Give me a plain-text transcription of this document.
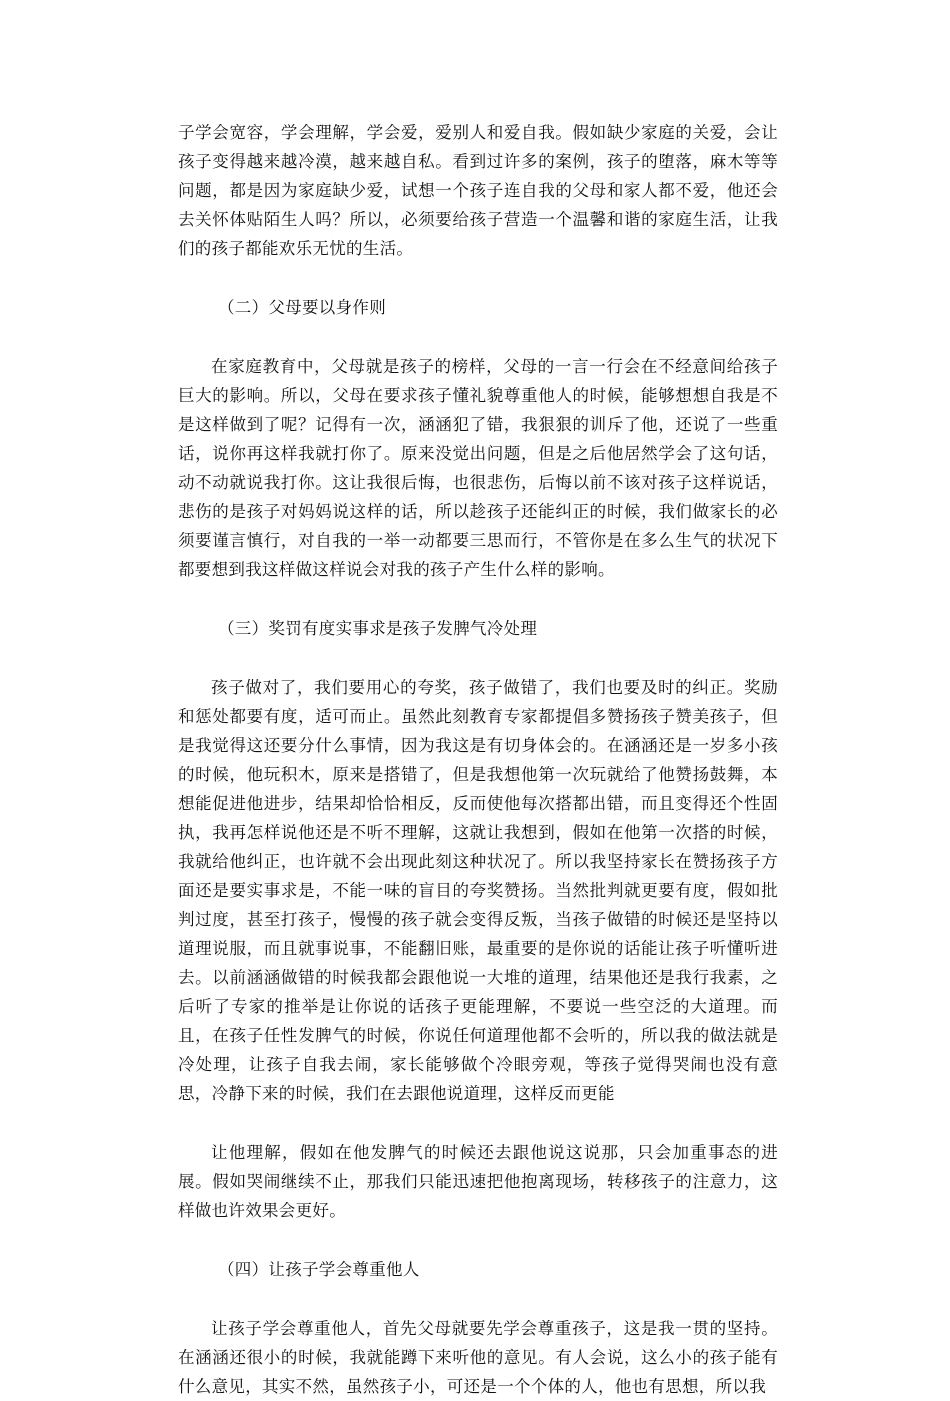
子学会宽容，学会理解，学会爱，爱别人和爱自我。假如缺少家庭的关爱，会让孩子变得越来越冷漠，越来越自私。看到过许多的案例，孩子的堕落，麻木等等问题，都是因为家庭缺少爱，试想一个孩子连自我的父母和家人都不爱，他还会去关怀体贴陌生人吗？所以，必须要给孩子营造一个温馨和谐的家庭生活，让我们的孩子都能欢乐无忧的生活。

（二）父母要以身作则

在家庭教育中，父母就是孩子的榜样，父母的一言一行会在不经意间给孩子巨大的影响。所以，父母在要求孩子懂礼貌尊重他人的时候，能够想想自我是不是这样做到了呢？记得有一次，涵涵犯了错，我狠狠的训斥了他，还说了一些重话，说你再这样我就打你了。原来没觉出问题，但是之后他居然学会了这句话，动不动就说我打你。这让我很后悔，也很悲伤，后悔以前不该对孩子这样说话，悲伤的是孩子对妈妈说这样的话，所以趁孩子还能纠正的时候，我们做家长的必须要谨言慎行，对自我的一举一动都要三思而行，不管你是在多么生气的状况下都要想到我这样做这样说会对我的孩子产生什么样的影响。

（三）奖罚有度实事求是孩子发脾气冷处理

孩子做对了，我们要用心的夸奖，孩子做错了，我们也要及时的纠正。奖励和惩处都要有度，适可而止。虽然此刻教育专家都提倡多赞扬孩子赞美孩子，但是我觉得这还要分什么事情，因为我这是有切身体会的。在涵涵还是一岁多小孩的时候，他玩积木，原来是搭错了，但是我想他第一次玩就给了他赞扬鼓舞，本想能促进他进步，结果却恰恰相反，反而使他每次搭都出错，而且变得还个性固执，我再怎样说他还是不听不理解，这就让我想到，假如在他第一次搭的时候，我就给他纠正，也许就不会出现此刻这种状况了。所以我坚持家长在赞扬孩子方面还是要实事求是，不能一味的盲目的夸奖赞扬。当然批判就更要有度，假如批判过度，甚至打孩子，慢慢的孩子就会变得反叛，当孩子做错的时候还是坚持以道理说服，而且就事说事，不能翻旧账，最重要的是你说的话能让孩子听懂听进去。以前涵涵做错的时候我都会跟他说一大堆的道理，结果他还是我行我素，之后听了专家的推举是让你说的话孩子更能理解，不要说一些空泛的大道理。而且，在孩子任性发脾气的时候，你说任何道理他都不会听的，所以我的做法就是冷处理，让孩子自我去闹，家长能够做个冷眼旁观，等孩子觉得哭闹也没有意思，冷静下来的时候，我们在去跟他说道理，这样反而更能

让他理解，假如在他发脾气的时候还去跟他说这说那，只会加重事态的进展。假如哭闹继续不止，那我们只能迅速把他抱离现场，转移孩子的注意力，这样做也许效果会更好。

（四）让孩子学会尊重他人

让孩子学会尊重他人，首先父母就要先学会尊重孩子，这是我一贯的坚持。在涵涵还很小的时候，我就能蹲下来听他的意见。有人会说，这么小的孩子能有什么意见，其实不然，虽然孩子小，可还是一个个体的人，他也有思想，所以我
